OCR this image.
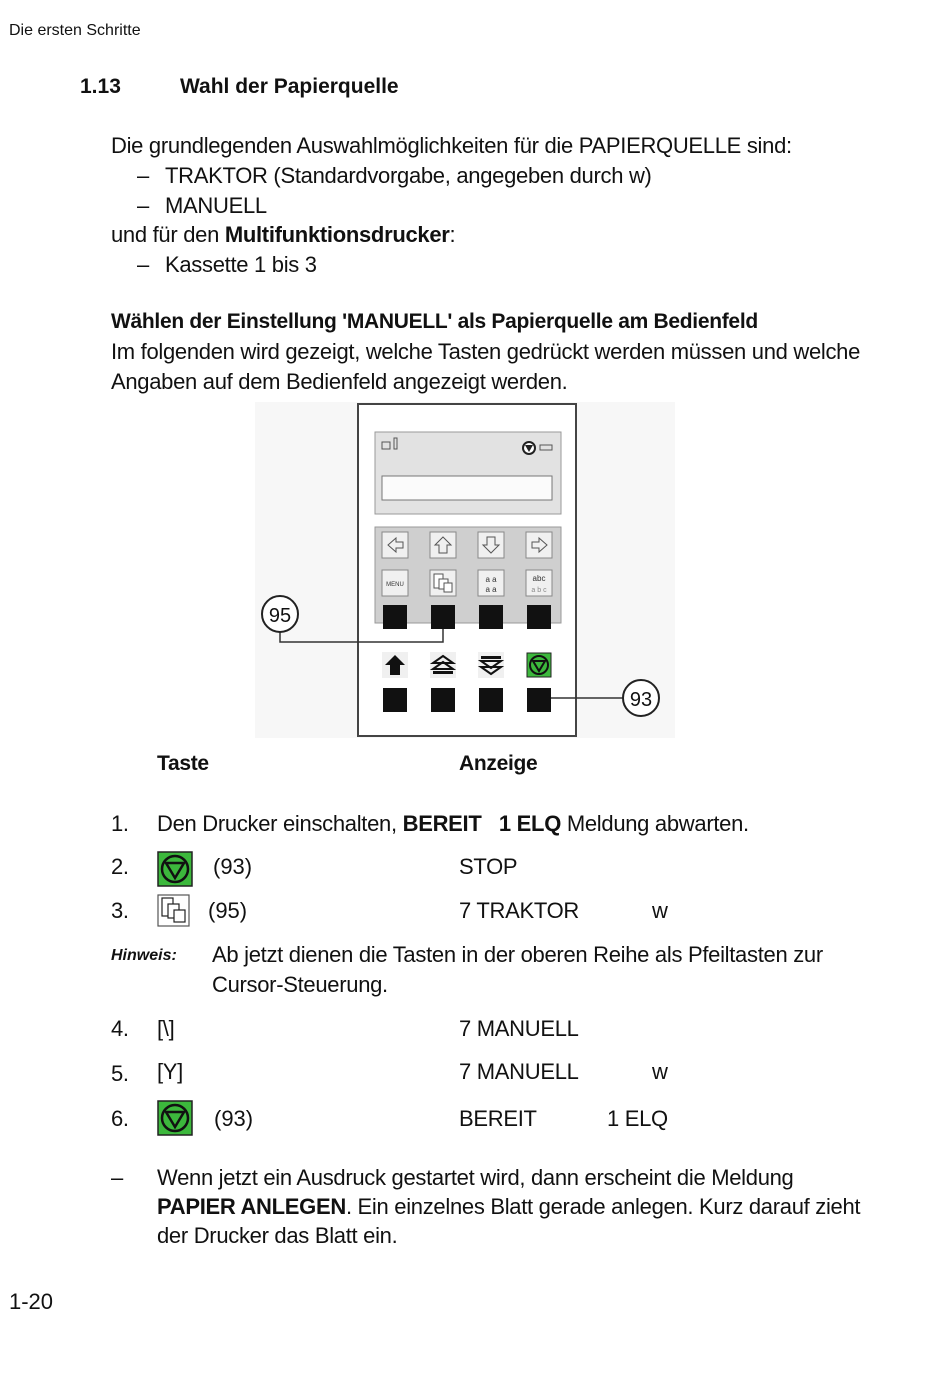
Die ersten Schritte
1.13	Wahl der Papierquelle
Die grundlegenden Auswahlmöglichkeiten für die PAPIERQUELLE sind:
– TRAKTOR (Standardvorgabe, angegeben durch w)
– MANUELL
und für den Multifunktionsdrucker:
– Kassette 1 bis 3
Wählen der Einstellung 'MANUELL' als Papierquelle am Bedienfeld
Im folgenden wird gezeigt, welche Tasten gedrückt werden müssen und welche
Angaben auf dem Bedienfeld angezeigt werden.
MENU
a a
a a
abc
a b c
95
93
Taste	Anzeige
1. Den Drucker einschalten, BEREIT   1 ELQ Meldung abwarten.
2.	(93)	STOP
3.	(95)	7 TRAKTOR	w
Hinweis: Ab jetzt dienen die Tasten in der oberen Reihe als Pfeiltasten zur
Cursor-Steuerung.
4. [\]	7 MANUELL
5. [Y]	7 MANUELL	w
6.	(93)	BEREIT	1 ELQ
– Wenn jetzt ein Ausdruck gestartet wird, dann erscheint die Meldung
PAPIER ANLEGEN. Ein einzelnes Blatt gerade anlegen. Kurz darauf zieht
der Drucker das Blatt ein.
1-20
